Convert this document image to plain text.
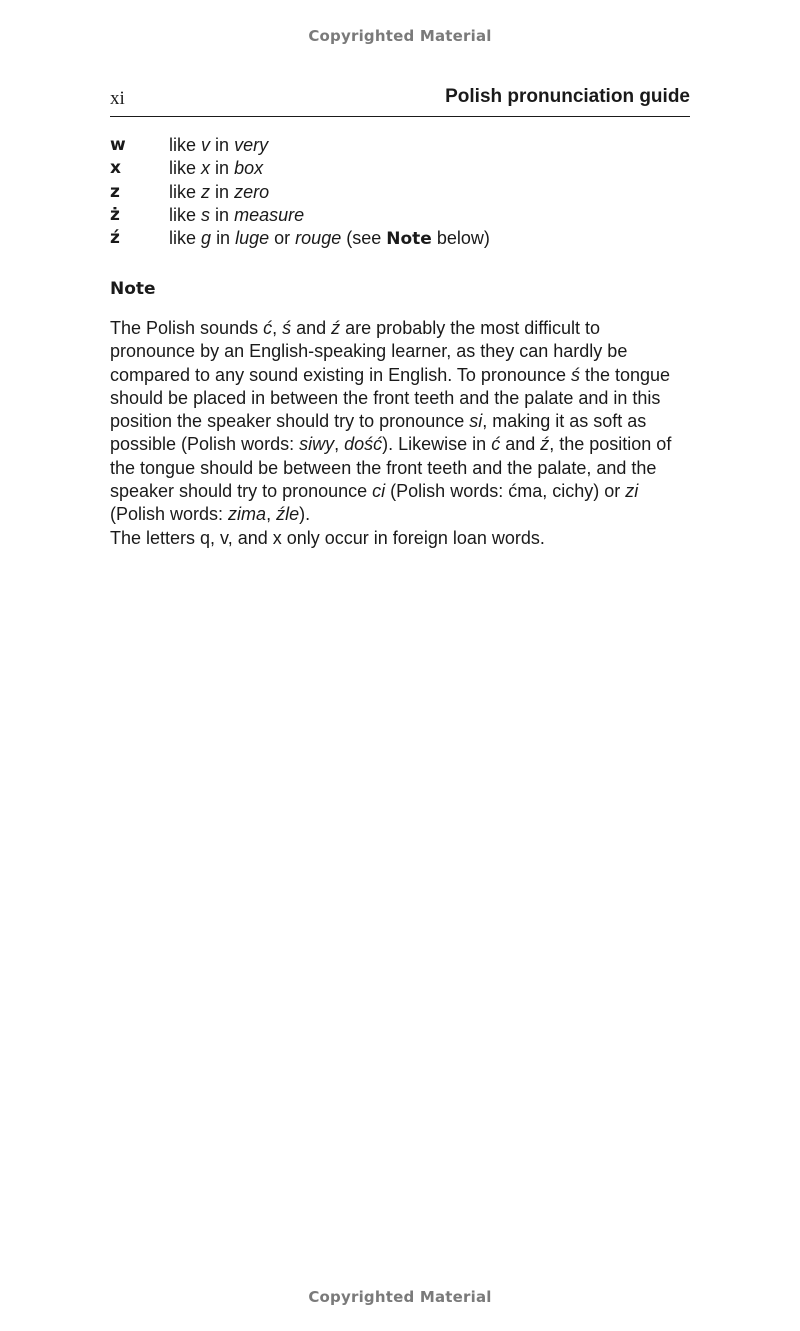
Copyrighted Material
xi	Polish pronunciation guide
w	like v in very
x	like x in box
z	like z in zero
ż	like s in measure
ź	like g in luge or rouge (see Note below)
Note

The Polish sounds ć, ś and ź are probably the most difficult to
pronounce by an English-speaking learner, as they can hardly be
compared to any sound existing in English. To pronounce ś the tongue
should be placed in between the front teeth and the palate and in this
position the speaker should try to pronounce si, making it as soft as
possible (Polish words: siwy, dość). Likewise in ć and ź, the position of
the tongue should be between the front teeth and the palate, and the
speaker should try to pronounce ci (Polish words: ćma, cichy) or zi
(Polish words: zima, źle).

The letters q, v, and x only occur in foreign loan words.

Copyrighted Material
